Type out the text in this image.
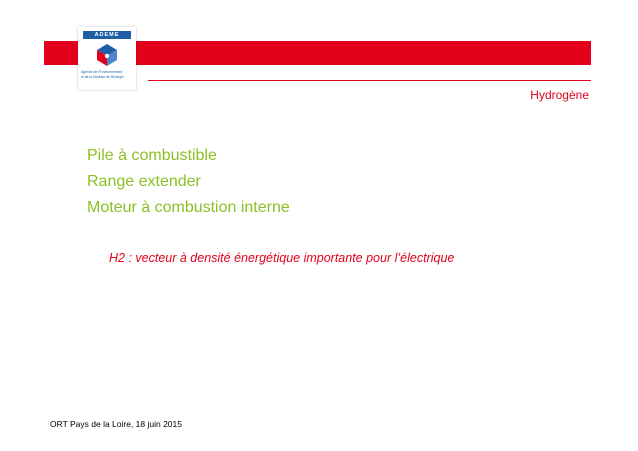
ADEME
Agence de l'Environnement
et de la Maîtrise de l'Énergie
Hydrogène
Pile à combustible
Range extender
Moteur à combustion interne
H2 : vecteur à densité énergétique importante pour l’électrique
ORT Pays de la Loire, 18 juin 2015
